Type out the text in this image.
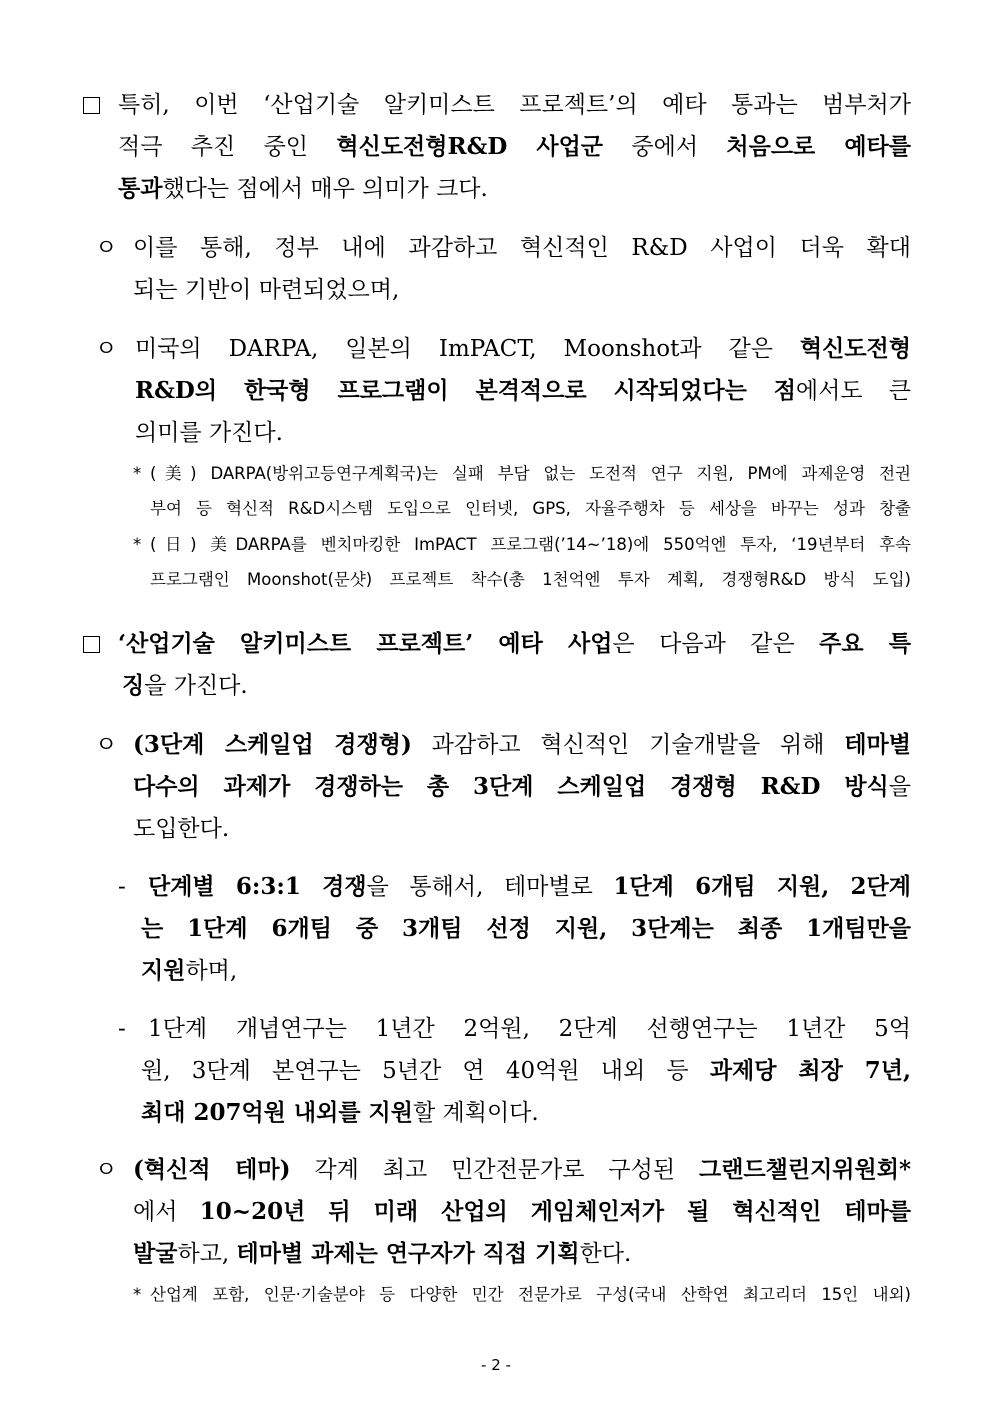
특히, 이번 ‘산업기술 알키미스트 프로젝트’의 예타 통과는 범부처가
적극 추진 중인 혁신도전형R&D 사업군 중에서 처음으로 예타를
통과했다는 점에서 매우 의미가 크다.
ㅇ 이를 통해, 정부 내에 과감하고 혁신적인 R&D 사업이 더욱 확대
되는 기반이 마련되었으며,
ㅇ 미국의 DARPA, 일본의 ImPACT, Moonshot과 같은 혁신도전형
R&D의 한국형 프로그램이 본격적으로 시작되었다는 점에서도 큰
의미를 가진다.
* (美) DARPA(방위고등연구계획국)는 실패 부담 없는 도전적 연구 지원, PM에 과제운영 전권
부여 등 혁신적 R&D시스템 도입으로 인터넷, GPS, 자율주행차 등 세상을 바꾸는 성과 창출
* (日) 美DARPA를 벤치마킹한 ImPACT 프로그램(’14~’18)에 550억엔 투자, ‘19년부터 후속
프로그램인 Moonshot(문샷) 프로젝트 착수(총 1천억엔 투자 계획, 경쟁형R&D 방식 도입)
‘산업기술 알키미스트 프로젝트’ 예타 사업은 다음과 같은 주요 특
징을 가진다.
ㅇ (3단계 스케일업 경쟁형) 과감하고 혁신적인 기술개발을 위해 테마별
다수의 과제가 경쟁하는 총 3단계 스케일업 경쟁형 R&D 방식을
도입한다.
- 단계별 6:3:1 경쟁을 통해서, 테마별로 1단계 6개팀 지원, 2단계
는 1단계 6개팀 중 3개팀 선정 지원, 3단계는 최종 1개팀만을
지원하며,
- 1단계 개념연구는 1년간 2억원, 2단계 선행연구는 1년간 5억
원, 3단계 본연구는 5년간 연 40억원 내외 등 과제당 최장 7년,
최대 207억원 내외를 지원할 계획이다.
ㅇ (혁신적 테마) 각계 최고 민간전문가로 구성된 그랜드챌린지위원회*
에서 10~20년 뒤 미래 산업의 게임체인저가 될 혁신적인 테마를
발굴하고, 테마별 과제는 연구자가 직접 기획한다.
* 산업계 포함, 인문·기술분야 등 다양한 민간 전문가로 구성(국내 산학연 최고리더 15인 내외)
- 2 -
